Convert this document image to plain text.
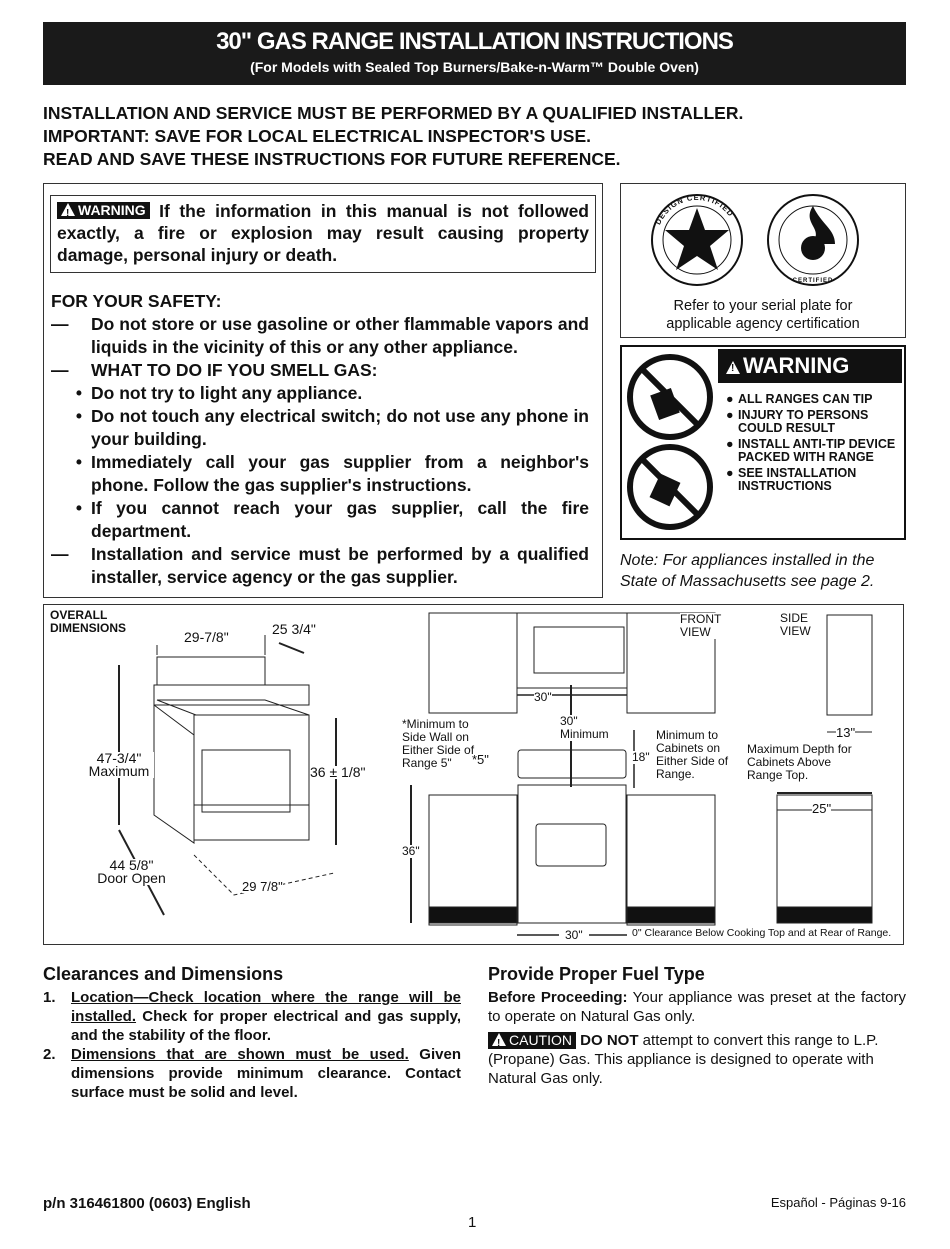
30" GAS RANGE INSTALLATION INSTRUCTIONS
(For Models with Sealed Top Burners/Bake-n-Warm™ Double Oven)
INSTALLATION AND SERVICE MUST BE PERFORMED BY A QUALIFIED INSTALLER.
IMPORTANT: SAVE FOR LOCAL ELECTRICAL INSPECTOR'S USE.
READ AND SAVE THESE INSTRUCTIONS FOR FUTURE REFERENCE.
! WARNING If the information in this manual is not followed exactly, a fire or explosion may result causing property damage, personal injury or death.
FOR YOUR SAFETY:
—	Do not store or use gasoline or other flammable vapors and liquids in the vicinity of this or any other appliance.
—	WHAT TO DO IF YOU SMELL GAS:
• Do not try to light any appliance.
• Do not touch any electrical switch; do not use any phone in your building.
• Immediately call your gas supplier from a neighbor's phone. Follow the gas supplier's instructions.
• If you cannot reach your gas supplier, call the fire department.
—	Installation and service must be performed by a qualified installer, service agency or the gas supplier.
DESIGN CERTIFIED
CERTIFIED
Refer to your serial plate for applicable agency certification
! WARNING
● ALL RANGES CAN TIP
● INJURY TO PERSONS COULD RESULT
● INSTALL ANTI-TIP DEVICE PACKED WITH RANGE
● SEE INSTALLATION INSTRUCTIONS
Note: For appliances installed in the State of Massachusetts see page 2.
OVERALL DIMENSIONS
29-7/8"	25 3/4"
47-3/4" Maximum	36 ± 1/8"
44 5/8" Door Open
29 7/8"
FRONT VIEW
SIDE VIEW
*Minimum to Side Wall on Either Side of Range 5"	*5"
30"
30" Minimum
18"
Minimum to Cabinets on Either Side of Range.
36"
30"	0" Clearance Below Cooking Top and at Rear of Range.
13"
Maximum Depth for Cabinets Above Range Top.
25"
Clearances and Dimensions
1.	Location—Check location where the range will be installed. Check for proper electrical and gas supply, and the stability of the floor.
2.	Dimensions that are shown must be used. Given dimensions provide minimum clearance. Contact surface must be solid and level.
Provide Proper Fuel Type
Before Proceeding: Your appliance was preset at the factory to operate on Natural Gas only.
! CAUTION DO NOT attempt to convert this range to L.P. (Propane) Gas. This appliance is designed to operate with Natural Gas only.
p/n 316461800 (0603) English	Español - Páginas 9-16
1
